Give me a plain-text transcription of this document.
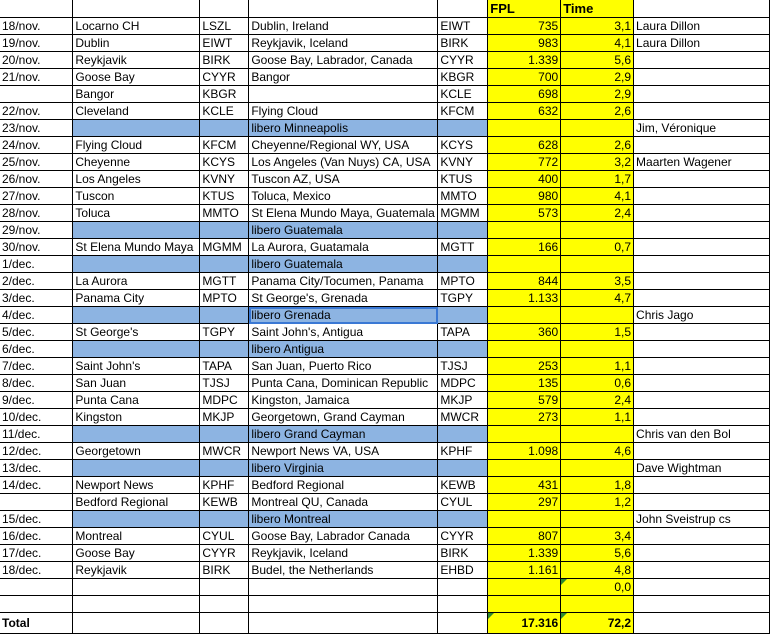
					FPL	Time	
18/nov.	Locarno CH	LSZL	Dublin, Ireland	EIWT	735	3,1	Laura Dillon
19/nov.	Dublin	EIWT	Reykjavik, Iceland	BIRK	983	4,1	Laura Dillon
20/nov.	Reykjavik	BIRK	Goose Bay, Labrador, Canada	CYYR	1.339	5,6	
21/nov.	Goose Bay	CYYR	Bangor	KBGR	700	2,9	
	Bangor	KBGR		KCLE	698	2,9	
22/nov.	Cleveland	KCLE	Flying Cloud	KFCM	632	2,6	
23/nov.			libero Minneapolis				Jim, Véronique
24/nov.	Flying Cloud	KFCM	Cheyenne/Regional WY, USA	KCYS	628	2,6	
25/nov.	Cheyenne	KCYS	Los Angeles (Van Nuys) CA, USA	KVNY	772	3,2	Maarten Wagener
26/nov.	Los Angeles	KVNY	Tuscon AZ, USA	KTUS	400	1,7	
27/nov.	Tuscon	KTUS	Toluca, Mexico	MMTO	980	4,1	
28/nov.	Toluca	MMTO	St Elena Mundo Maya, Guatemala	MGMM	573	2,4	
29/nov.			libero Guatemala				
30/nov.	St Elena Mundo Maya	MGMM	La Aurora, Guatamala	MGTT	166	0,7	
1/dec.			libero Guatemala				
2/dec.	La Aurora	MGTT	Panama City/Tocumen, Panama	MPTO	844	3,5	
3/dec.	Panama City	MPTO	St George's, Grenada	TGPY	1.133	4,7	
4/dec.			libero Grenada				Chris Jago
5/dec.	St George's	TGPY	Saint John's, Antigua	TAPA	360	1,5	
6/dec.			libero Antigua				
7/dec.	Saint John's	TAPA	San Juan, Puerto Rico	TJSJ	253	1,1	
8/dec.	San Juan	TJSJ	Punta Cana, Dominican Republic	MDPC	135	0,6	
9/dec.	Punta Cana	MDPC	Kingston, Jamaica	MKJP	579	2,4	
10/dec.	Kingston	MKJP	Georgetown, Grand Cayman	MWCR	273	1,1	
11/dec.			libero Grand Cayman				Chris van den Bol
12/dec.	Georgetown	MWCR	Newport News VA, USA	KPHF	1.098	4,6	
13/dec.			libero Virginia				Dave Wightman
14/dec.	Newport News	KPHF	Bedford Regional	KEWB	431	1,8	
	Bedford Regional	KEWB	Montreal QU, Canada	CYUL	297	1,2	
15/dec.			libero Montreal				John Sveistrup cs
16/dec.	Montreal	CYUL	Goose Bay, Labrador Canada	CYYR	807	3,4	
17/dec.	Goose Bay	CYYR	Reykjavik, Iceland	BIRK	1.339	5,6	
18/dec.	Reykjavik	BIRK	Budel, the Netherlands	EHBD	1.161	4,8	
						0,0	

Total					17.316	72,2	
